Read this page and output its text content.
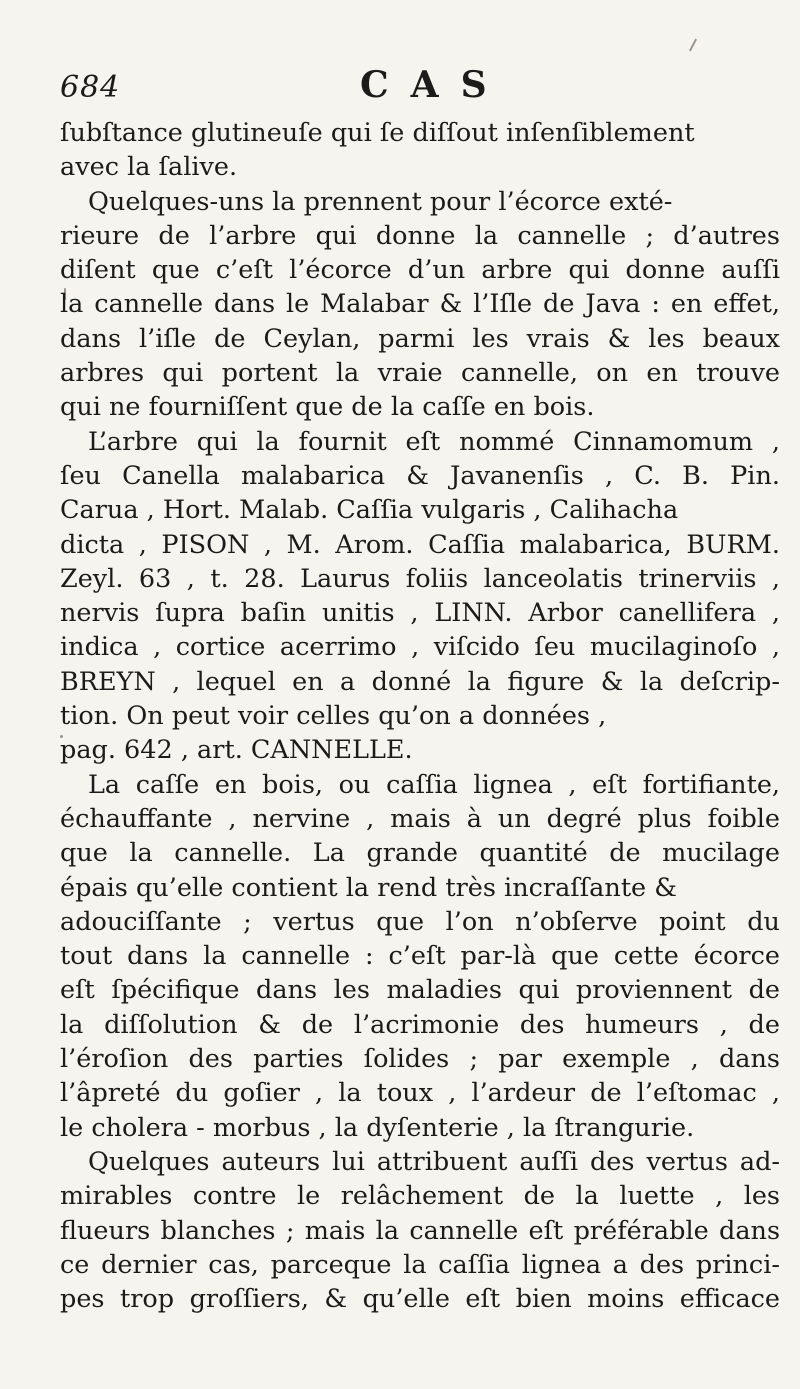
684	CAS
ſubſtance glutineuſe qui ſe diſſout inſenſiblement
avec la ſalive.
Quelques-uns la prennent pour l’écorce exté-
rieure de l’arbre qui donne la cannelle ; d’autres
diſent que c’eſt l’écorce d’un arbre qui donne auſſi
la cannelle dans le Malabar & l’Iſle de Java : en effet,
dans l’iſle de Ceylan, parmi les vrais & les beaux
arbres qui portent la vraie cannelle, on en trouve
qui ne fourniſſent que de la caſſe en bois.
L’arbre qui la fournit eſt nommé Cinnamomum ,
ſeu Canella malabarica & Javanenſis , C. B. Pin.
Carua , Hort. Malab. Caſſia vulgaris , Calihacha
dicta , PISON , M. Arom. Caſſia malabarica, BURM.
Zeyl. 63 , t. 28. Laurus foliis lanceolatis trinerviis ,
nervis ſupra baſin unitis , LINN. Arbor canellifera ,
indica , cortice acerrimo , viſcido ſeu mucilaginoſo ,
BREYN , lequel en a donné la figure & la deſcrip-
tion. On peut voir celles qu’on a données ,
pag. 642 , art. CANNELLE.
La caſſe en bois, ou caſſia lignea , eſt fortifiante,
échauffante , nervine , mais à un degré plus foible
que la cannelle. La grande quantité de mucilage
épais qu’elle contient la rend très incraſſante &
adouciſſante ; vertus que l’on n’obſerve point du
tout dans la cannelle : c’eſt par-là que cette écorce
eſt ſpécifique dans les maladies qui proviennent de
la diſſolution & de l’acrimonie des humeurs , de
l’éroſion des parties ſolides ; par exemple , dans
l’âpreté du goſier , la toux , l’ardeur de l’eſtomac ,
le cholera - morbus , la dyſenterie , la ſtrangurie.
Quelques auteurs lui attribuent auſſi des vertus ad-
mirables contre le relâchement de la luette , les
flueurs blanches ; mais la cannelle eſt préférable dans
ce dernier cas, parceque la caſſia lignea a des princi-
pes trop groſſiers, & qu’elle eſt bien moins efficace
